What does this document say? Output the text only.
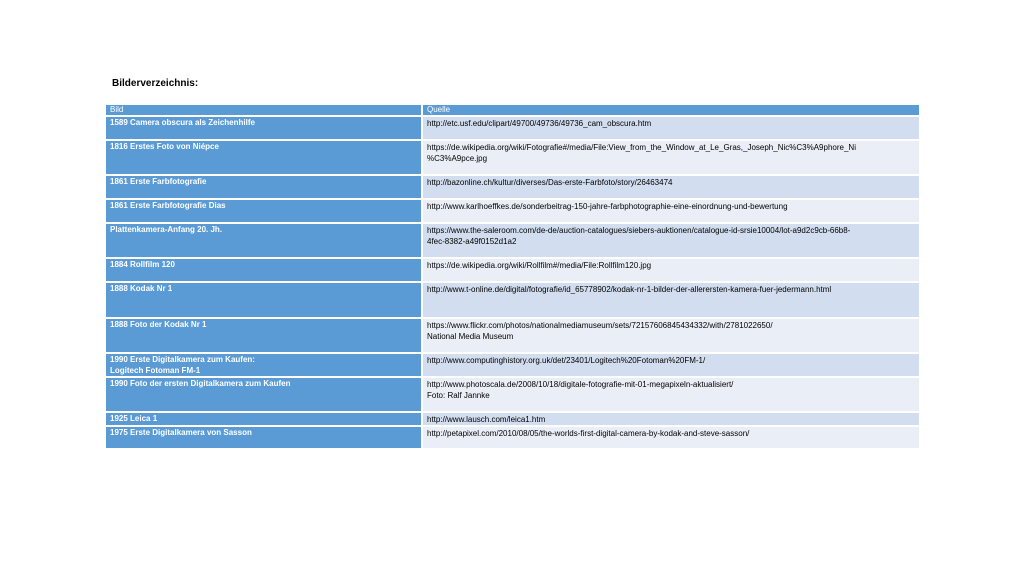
Bilderverzeichnis:
Bild	Quelle

1589 Camera obscura als Zeichenhilfe	http://etc.usf.edu/clipart/49700/49736/49736_cam_obscura.htm

1816 Erstes Foto von Niépce	https://de.wikipedia.org/wiki/Fotografie#/media/File:View_from_the_Window_at_Le_Gras,_Joseph_Nic%C3%A9phore_Ni
%C3%A9pce.jpg

1861 Erste Farbfotografie	http://bazonline.ch/kultur/diverses/Das-erste-Farbfoto/story/26463474

1861 Erste Farbfotografie Dias	http://www.karlhoeffkes.de/sonderbeitrag-150-jahre-farbphotographie-eine-einordnung-und-bewertung

Plattenkamera-Anfang 20. Jh.	https://www.the-saleroom.com/de-de/auction-catalogues/siebers-auktionen/catalogue-id-srsie10004/lot-a9d2c9cb-66b8-
4fec-8382-a49f0152d1a2

1884 Rollfilm 120	https://de.wikipedia.org/wiki/Rollfilm#/media/File:Rollfilm120.jpg

1888 Kodak Nr 1	http://www.t-online.de/digital/fotografie/id_65778902/kodak-nr-1-bilder-der-allerersten-kamera-fuer-jedermann.html

1888 Foto der Kodak Nr 1	https://www.flickr.com/photos/nationalmediamuseum/sets/72157606845434332/with/2781022650/
National Media Museum

1990 Erste Digitalkamera zum Kaufen:
Logitech Fotoman FM-1	http://www.computinghistory.org.uk/det/23401/Logitech%20Fotoman%20FM-1/

1990 Foto der ersten Digitalkamera zum Kaufen	http://www.photoscala.de/2008/10/18/digitale-fotografie-mit-01-megapixeln-aktualisiert/
Foto: Ralf Jannke

1925 Leica 1	http://www.lausch.com/leica1.htm

1975 Erste Digitalkamera von Sasson	http://petapixel.com/2010/08/05/the-worlds-first-digital-camera-by-kodak-and-steve-sasson/
